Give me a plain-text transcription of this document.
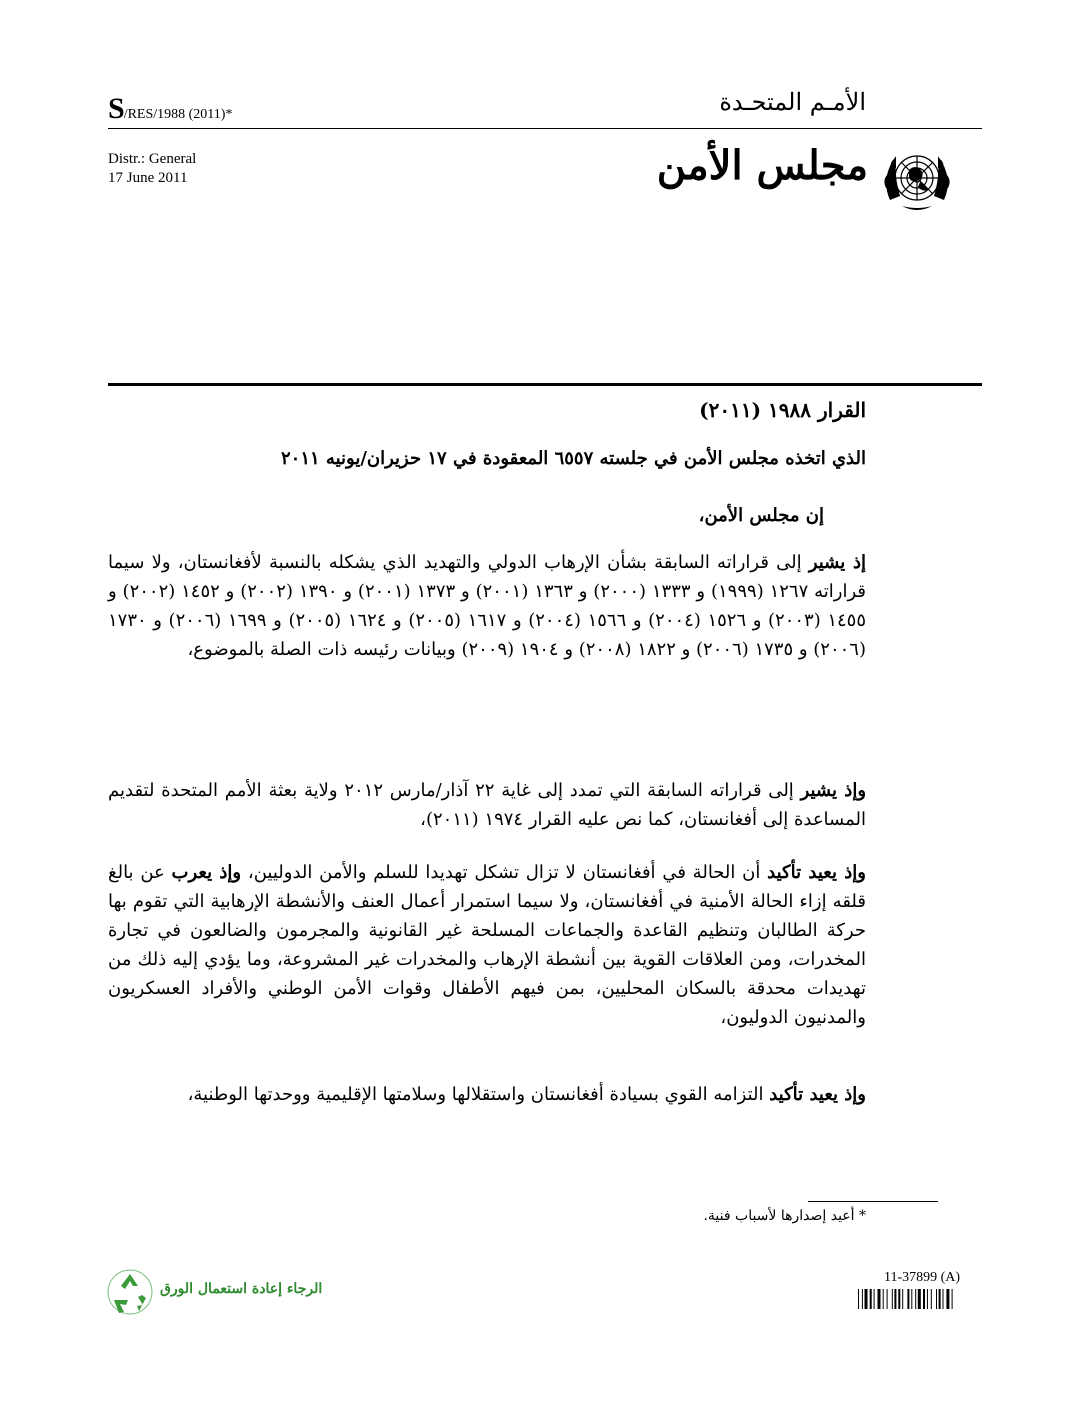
S/RES/1988 (2011)*	الأمـم المتحـدة
Distr.: General
17 June 2011	مجلس الأمن
القرار ١٩٨٨ (٢٠١١)
الذي اتخذه مجلس الأمن في جلسته ٦٥٥٧ المعقودة في ١٧ حزيران/يونيه ٢٠١١
إن مجلس الأمن،
إذ يشير إلى قراراته السابقة بشأن الإرهاب الدولي والتهديد الذي يشكله بالنسبة لأفغانستان، ولا سيما قراراته ١٢٦٧ (١٩٩٩) و ١٣٣٣ (٢٠٠٠) و ١٣٦٣ (٢٠٠١) و ١٣٧٣ (٢٠٠١) و ١٣٩٠ (٢٠٠٢) و ١٤٥٢ (٢٠٠٢) و ١٤٥٥ (٢٠٠٣) و ١٥٢٦ (٢٠٠٤) و ١٥٦٦ (٢٠٠٤) و ١٦١٧ (٢٠٠٥) و ١٦٢٤ (٢٠٠٥) و ١٦٩٩ (٢٠٠٦) و ١٧٣٠ (٢٠٠٦) و ١٧٣٥ (٢٠٠٦) و ١٨٢٢ (٢٠٠٨) و ١٩٠٤ (٢٠٠٩) وبيانات رئيسه ذات الصلة بالموضوع،
وإذ يشير إلى قراراته السابقة التي تمدد إلى غاية ٢٢ آذار/مارس ٢٠١٢ ولاية بعثة الأمم المتحدة لتقديم المساعدة إلى أفغانستان، كما نص عليه القرار ١٩٧٤ (٢٠١١)،
وإذ يعيد تأكيد أن الحالة في أفغانستان لا تزال تشكل تهديدا للسلم والأمن الدوليين، وإذ يعرب عن بالغ قلقه إزاء الحالة الأمنية في أفغانستان، ولا سيما استمرار أعمال العنف والأنشطة الإرهابية التي تقوم بها حركة الطالبان وتنظيم القاعدة والجماعات المسلحة غير القانونية والمجرمون والضالعون في تجارة المخدرات، ومن العلاقات القوية بين أنشطة الإرهاب والمخدرات غير المشروعة، وما يؤدي إليه ذلك من تهديدات محدقة بالسكان المحليين، بمن فيهم الأطفال وقوات الأمن الوطني والأفراد العسكريون والمدنيون الدوليون،
وإذ يعيد تأكيد التزامه القوي بسيادة أفغانستان واستقلالها وسلامتها الإقليمية ووحدتها الوطنية،
* أعيد إصدارها لأسباب فنية.
الرجاء إعادة استعمال الورق
11-37899 (A)
